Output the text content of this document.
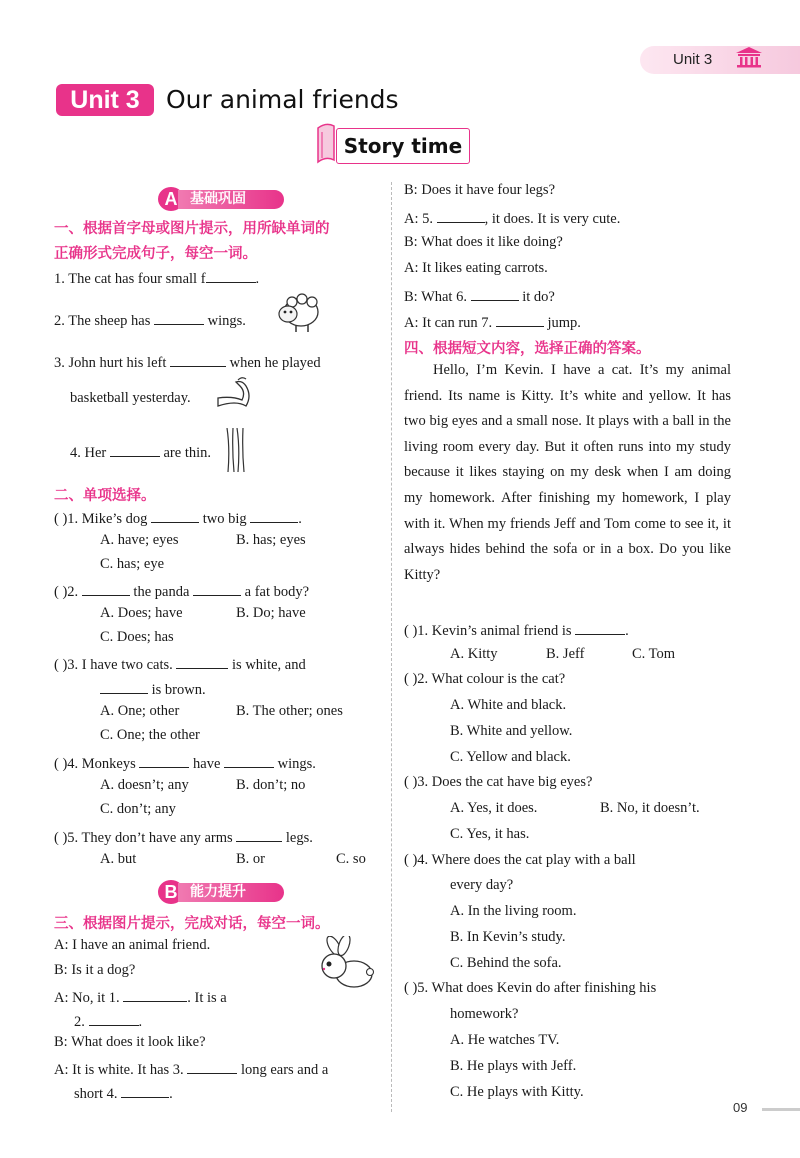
Unit 3
Unit 3	Our animal friends
Story time
A 基础巩固
一、根据首字母或图片提示，用所缺单词的
正确形式完成句子，每空一词。
1. The cat has four small f	.
2. The sheep has	wings.
3. John hurt his left	when he played
basketball yesterday.
4. Her	are thin.
二、单项选择。
( )1. Mike’s dog	two big	.
A. have; eyes	B. has; eyes
C. has; eye
( )2.	the panda	a fat body?
A. Does; have	B. Do; have
C. Does; has
( )3. I have two cats.	is white, and
is brown.
A. One; other	B. The other; ones
C. One; the other
( )4. Monkeys	have	wings.
A. doesn’t; any	B. don’t; no
C. don’t; any
( )5. They don’t have any arms	legs.
A. but	B. or	C. so
B 能力提升
三、根据图片提示，完成对话，每空一词。
A: I have an animal friend.
B: Is it a dog?
A: No, it 1.	. It is a
2.	.
B: What does it look like?
A: It is white. It has 3.	long ears and a
short 4.	.
B: Does it have four legs?
A: 5.	, it does. It is very cute.
B: What does it like doing?
A: It likes eating carrots.
B: What 6.	it do?
A: It can run 7.	jump.
四、根据短文内容，选择正确的答案。
Hello, I’m Kevin. I have a cat. It’s my animal friend. Its name is Kitty. It’s white and yellow. It has two big eyes and a small nose. It plays with a ball in the living room every day. But it often runs into my study because it likes staying on my desk when I am doing my homework. After finishing my homework, I play with it. When my friends Jeff and Tom come to see it, it always hides behind the sofa or in a box. Do you like Kitty?
( )1. Kevin’s animal friend is	.
A. Kitty	B. Jeff	C. Tom
( )2. What colour is the cat?
A. White and black.
B. White and yellow.
C. Yellow and black.
( )3. Does the cat have big eyes?
A. Yes, it does.	B. No, it doesn’t.
C. Yes, it has.
( )4. Where does the cat play with a ball
every day?
A. In the living room.
B. In Kevin’s study.
C. Behind the sofa.
( )5. What does Kevin do after finishing his
homework?
A. He watches TV.
B. He plays with Jeff.
C. He plays with Kitty.
09
